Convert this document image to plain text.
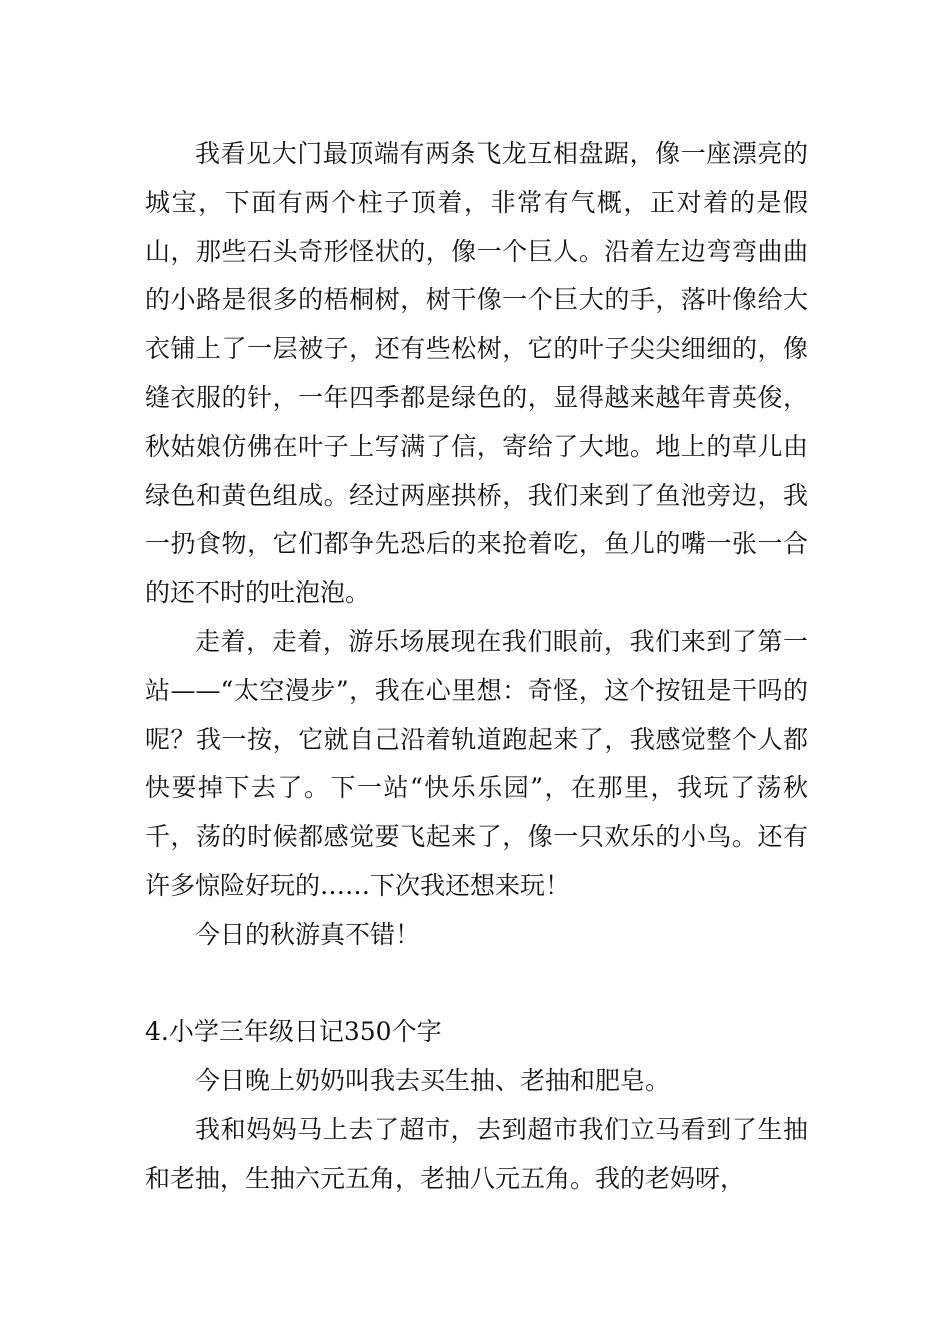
我看见大门最顶端有两条飞龙互相盘踞，像一座漂亮的城宝，下面有两个柱子顶着，非常有气概，正对着的是假山，那些石头奇形怪状的，像一个巨人。沿着左边弯弯曲曲的小路是很多的梧桐树，树干像一个巨大的手，落叶像给大衣铺上了一层被子，还有些松树，它的叶子尖尖细细的，像缝衣服的针，一年四季都是绿色的，显得越来越年青英俊，秋姑娘仿佛在叶子上写满了信，寄给了大地。地上的草儿由绿色和黄色组成。经过两座拱桥，我们来到了鱼池旁边，我一扔食物，它们都争先恐后的来抢着吃，鱼儿的嘴一张一合的还不时的吐泡泡。

走着，走着，游乐场展现在我们眼前，我们来到了第一站——“太空漫步”，我在心里想：奇怪，这个按钮是干吗的呢？我一按，它就自己沿着轨道跑起来了，我感觉整个人都快要掉下去了。下一站“快乐乐园”，在那里，我玩了荡秋千，荡的时候都感觉要飞起来了，像一只欢乐的小鸟。还有许多惊险好玩的……下次我还想来玩！

今日的秋游真不错！

4.小学三年级日记350个字

今日晚上奶奶叫我去买生抽、老抽和肥皂。

我和妈妈马上去了超市，去到超市我们立马看到了生抽和老抽，生抽六元五角，老抽八元五角。我的老妈呀，
